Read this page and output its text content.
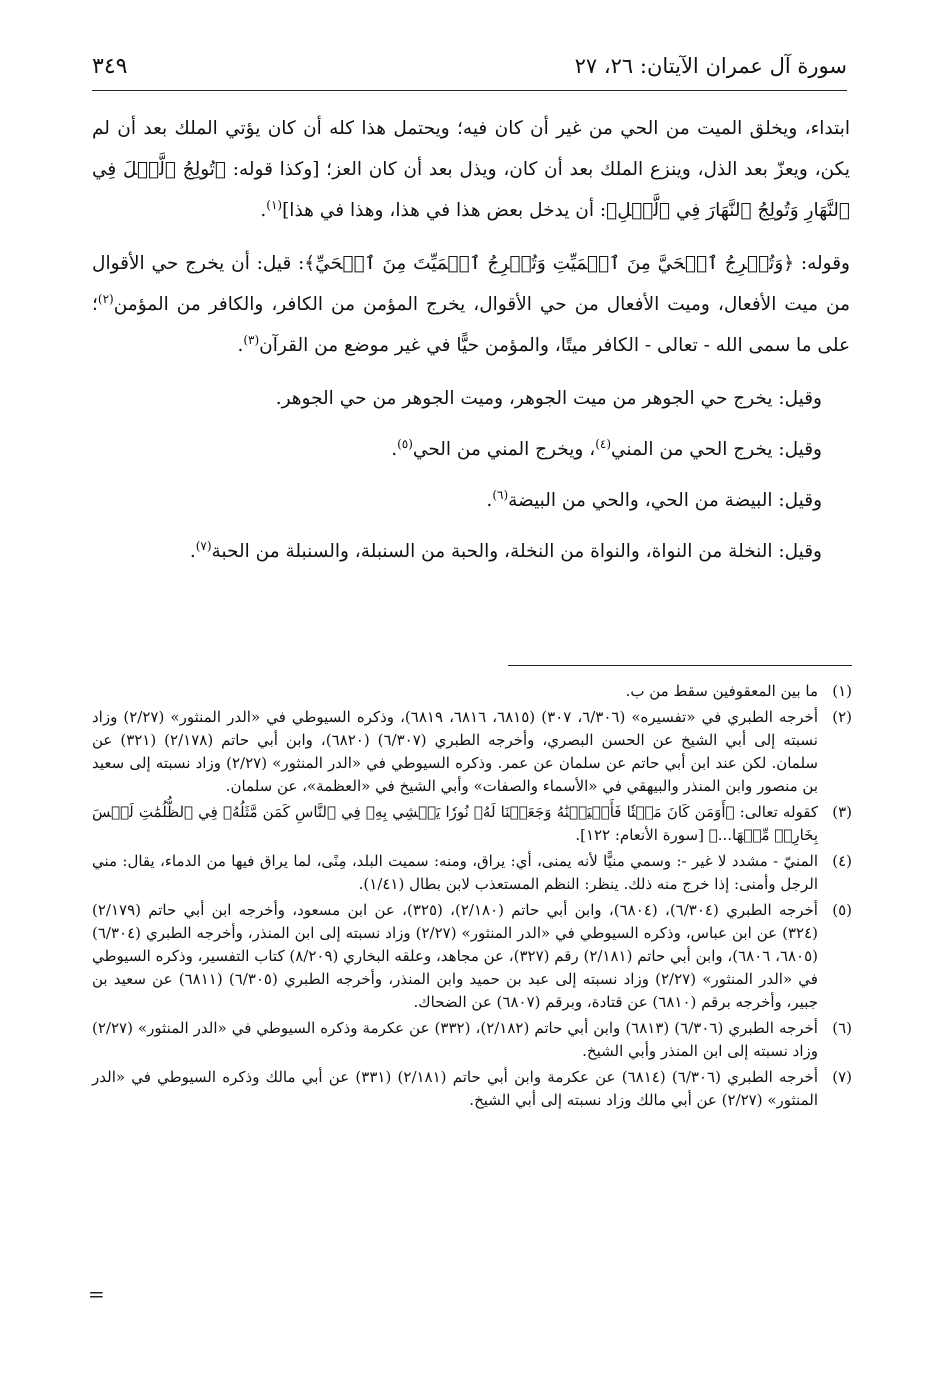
سورة آل عمران الآيتان: ٢٦، ٢٧
٣٤٩

ابتداء، ويخلق الميت من الحي من غير أن كان فيه؛ ويحتمل هذا كله أن كان يؤتي الملك بعد أن لم يكن، ويعزّ بعد الذل، وينزع الملك بعد أن كان، ويذل بعد أن كان العز؛ [وكذا قوله: ﴿تُولِجُ ٱلَّيۡلَ فِي ٱلنَّهَارِ وَتُولِجُ ٱلنَّهَارَ فِي ٱلَّيۡلِ﴾: أن يدخل بعض هذا في هذا، وهذا في هذا]$^{(١)}$.

وقوله: ﴿وَتُخۡرِجُ ٱلۡحَيَّ مِنَ ٱلۡمَيِّتِ وَتُخۡرِجُ ٱلۡمَيِّتَ مِنَ ٱلۡحَيِّ﴾: قيل: أن يخرج حي الأقوال من ميت الأفعال، وميت الأفعال من حي الأقوال، يخرج المؤمن من الكافر، والكافر من المؤمن$^{(٢)}$؛ على ما سمى الله - تعالى - الكافر ميتًا، والمؤمن حيًّا في غير موضع من القرآن$^{(٣)}$.

وقيل: يخرج حي الجوهر من ميت الجوهر، وميت الجوهر من حي الجوهر.

وقيل: يخرج الحي من المني$^{(٤)}$، ويخرج المني من الحي$^{(٥)}$.

وقيل: البيضة من الحي، والحي من البيضة$^{(٦)}$.

وقيل: النخلة من النواة، والنواة من النخلة، والحبة من السنبلة، والسنبلة من الحبة$^{(٧)}$.

(١)
ما بين المعقوفين سقط من ب.
(٢)
أخرجه الطبري في «تفسيره» (٦/٣٠٦، ٣٠٧) (٦٨١٥، ٦٨١٦، ٦٨١٩)، وذكره السيوطي في «الدر المنثور» (٢/٢٧) وزاد نسبته إلى أبي الشيخ عن الحسن البصري، وأخرجه الطبري (٦/٣٠٧) (٦٨٢٠)، وابن أبي حاتم (٢/١٧٨) (٣٢١) عن سلمان. لكن عند ابن أبي حاتم عن سلمان عن عمر. وذكره السيوطي في «الدر المنثور» (٢/٢٧) وزاد نسبته إلى سعيد بن منصور وابن المنذر والبيهقي في «الأسماء والصفات» وأبي الشيخ في «العظمة»، عن سلمان.
(٣)
كقوله تعالى: ﴿أَوَمَن كَانَ مَيۡتٗا فَأَحۡيَيۡنَٰهُ وَجَعَلۡنَا لَهُۥ نُورٗا يَمۡشِي بِهِۦ فِي ٱلنَّاسِ كَمَن مَّثَلُهُۥ فِي ٱلظُّلُمَٰتِ لَيۡسَ بِخَارِجٖ مِّنۡهَا...﴾ [سورة الأنعام: ١٢٢].
(٤)
المنيّ - مشدد لا غير -: وسمي منيًّا لأنه يمنى، أي: يراق، ومنه: سميت البلد، مِنًى، لما يراق فيها من الدماء، يقال: مني الرجل وأمنى: إذا خرج منه ذلك. ينظر: النظم المستعذب لابن بطال (١/٤١).
(٥)
أخرجه الطبري (٦/٣٠٤)، (٦٨٠٤)، وابن أبي حاتم (٢/١٨٠)، (٣٢٥)، عن ابن مسعود، وأخرجه ابن أبي حاتم (٢/١٧٩) (٣٢٤) عن ابن عباس، وذكره السيوطي في «الدر المنثور» (٢/٢٧) وزاد نسبته إلى ابن المنذر، وأخرجه الطبري (٦/٣٠٤) (٦٨٠٥، ٦٨٠٦)، وابن أبي حاتم (٢/١٨١) رقم (٣٢٧)، عن مجاهد، وعلقه البخاري (٨/٢٠٩) كتاب التفسير، وذكره السيوطي في «الدر المنثور» (٢/٢٧) وزاد نسبته إلى عبد بن حميد وابن المنذر، وأخرجه الطبري (٦/٣٠٥) (٦٨١١) عن سعيد بن جبير، وأخرجه برقم (٦٨١٠) عن قتادة، وبرقم (٦٨٠٧) عن الضحاك.
(٦)
أخرجه الطبري (٦/٣٠٦) (٦٨١٣) وابن أبي حاتم (٢/١٨٢)، (٣٣٢) عن عكرمة وذكره السيوطي في «الدر المنثور» (٢/٢٧) وزاد نسبته إلى ابن المنذر وأبي الشيخ.
(٧)
أخرجه الطبري (٦/٣٠٦) (٦٨١٤) عن عكرمة وابن أبي حاتم (٢/١٨١) (٣٣١) عن أبي مالك وذكره السيوطي في «الدر المنثور» (٢/٢٧) عن أبي مالك وزاد نسبته إلى أبي الشيخ.
=
